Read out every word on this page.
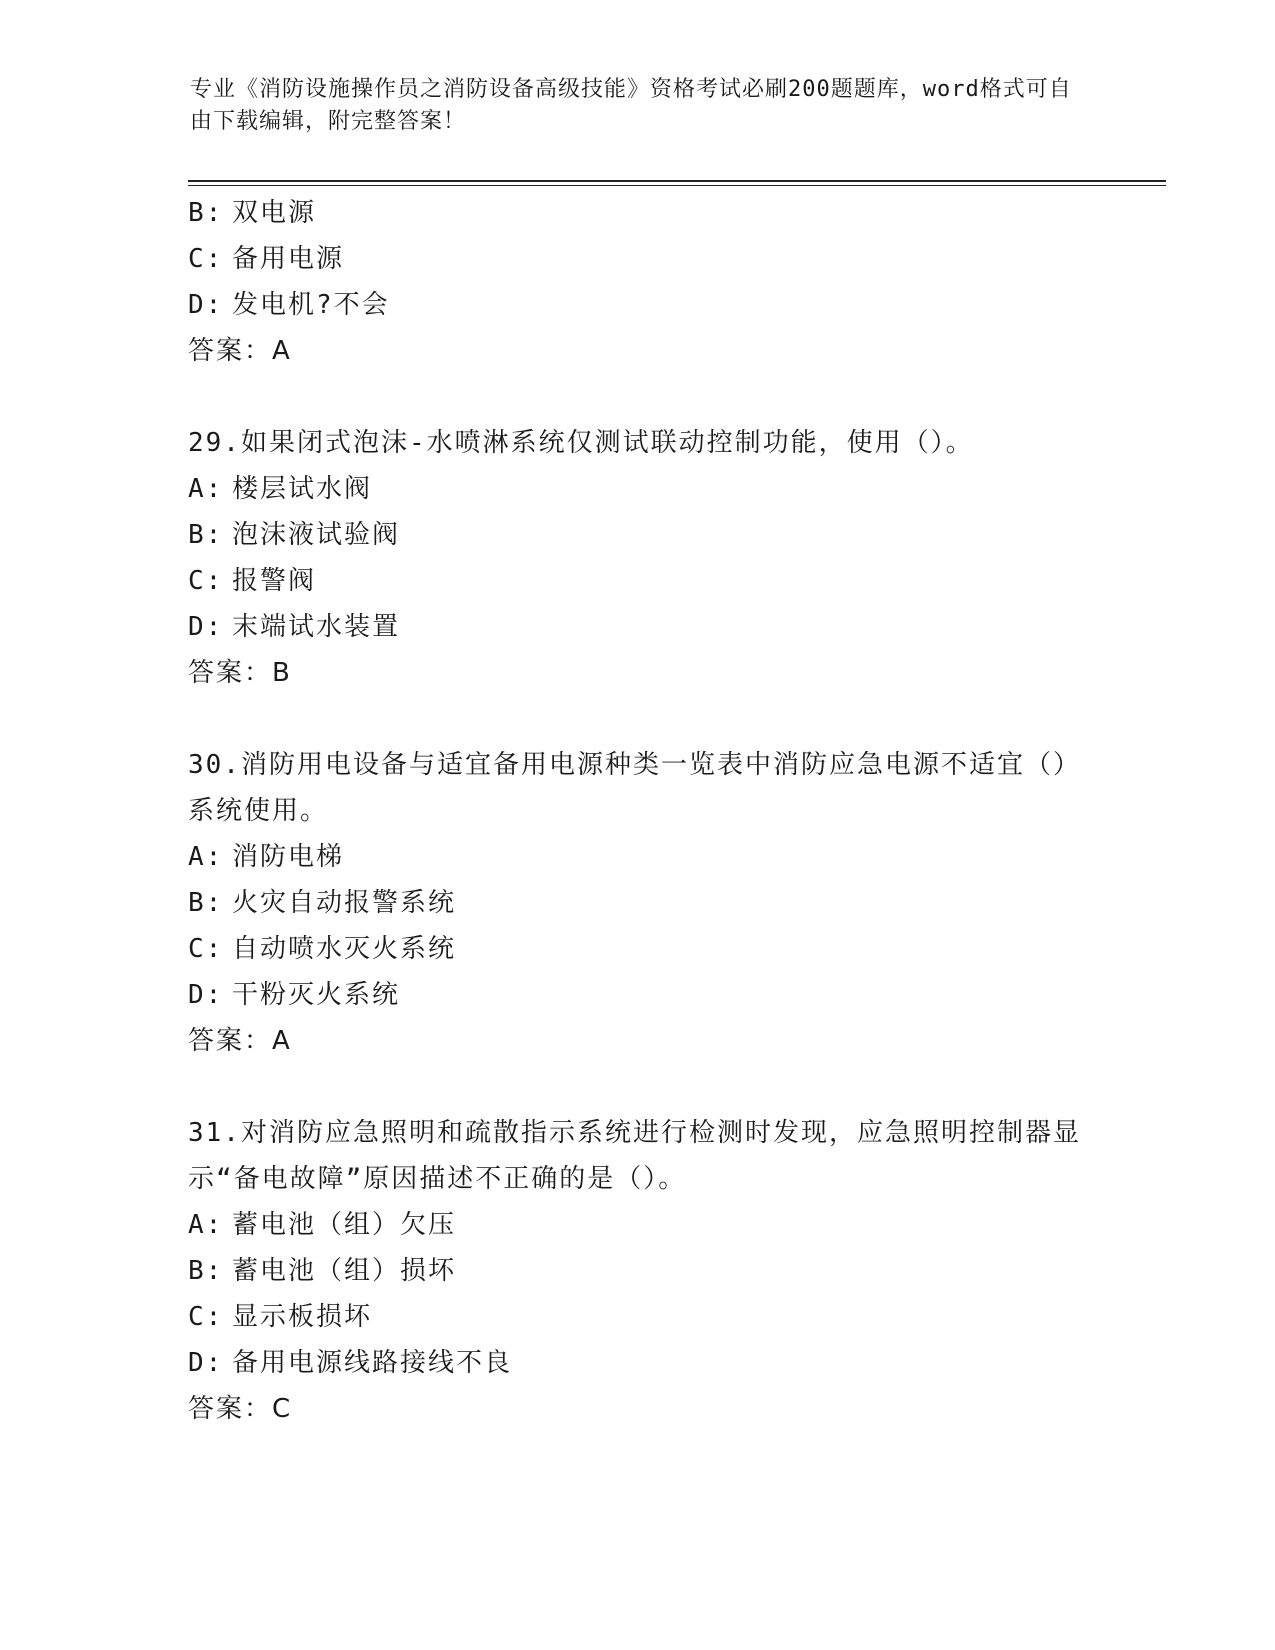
专业《消防设施操作员之消防设备高级技能》资格考试必刷200题题库，word格式可自由下载编辑，附完整答案！
B: 双电源
C: 备用电源
D: 发电机?不会
答案：A
29.如果闭式泡沫-水喷淋系统仅测试联动控制功能，使用（）。
A: 楼层试水阀
B: 泡沫液试验阀
C: 报警阀
D: 末端试水装置
答案：B
30.消防用电设备与适宜备用电源种类一览表中消防应急电源不适宜（）系统使用。
A: 消防电梯
B: 火灾自动报警系统
C: 自动喷水灭火系统
D: 干粉灭火系统
答案：A
31.对消防应急照明和疏散指示系统进行检测时发现，应急照明控制器显示“备电故障”原因描述不正确的是（）。
A: 蓄电池（组）欠压
B: 蓄电池（组）损坏
C: 显示板损坏
D: 备用电源线路接线不良
答案：C
